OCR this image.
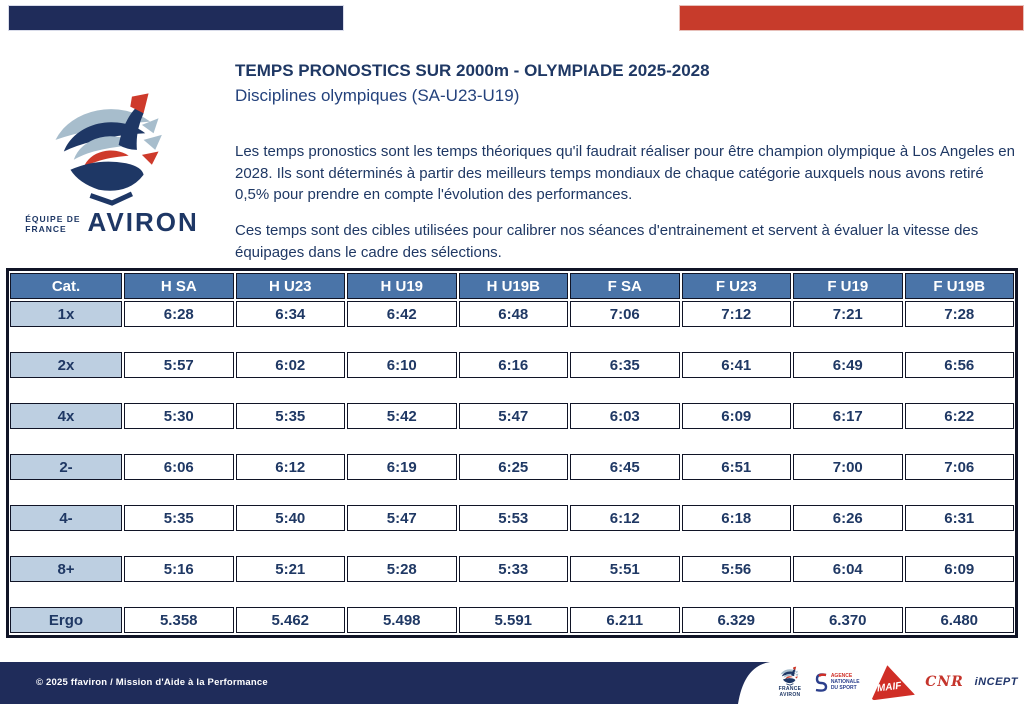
ÉQUIPE DE
FRANCE AVIRON
TEMPS PRONOSTICS SUR 2000m - OLYMPIADE 2025-2028
Disciplines olympiques (SA-U23-U19)
Les temps pronostics sont les temps théoriques qu'il faudrait réaliser pour être champion olympique à Los Angeles en 2028. Ils sont déterminés à partir des meilleurs temps mondiaux de chaque catégorie auxquels nous avons retiré 0,5% pour prendre en compte l'évolution des performances.
Ces temps sont des cibles utilisées pour calibrer nos séances d'entrainement et servent à évaluer la vitesse des équipages dans le cadre des sélections.
Cat.	H SA	H U23	H U19	H U19B	F SA	F U23	F U19	F U19B
1x	6:28	6:34	6:42	6:48	7:06	7:12	7:21	7:28
2x	5:57	6:02	6:10	6:16	6:35	6:41	6:49	6:56
4x	5:30	5:35	5:42	5:47	6:03	6:09	6:17	6:22
2-	6:06	6:12	6:19	6:25	6:45	6:51	7:00	7:06
4-	5:35	5:40	5:47	5:53	6:12	6:18	6:26	6:31
8+	5:16	5:21	5:28	5:33	5:51	5:56	6:04	6:09
Ergo	5.358	5.462	5.498	5.591	6.211	6.329	6.370	6.480
© 2025 ffaviron / Mission d'Aide à la Performance
FRANCE
AVIRON
AGENCE
NATIONALE
DU SPORT MAIF CNR iNCEPT
